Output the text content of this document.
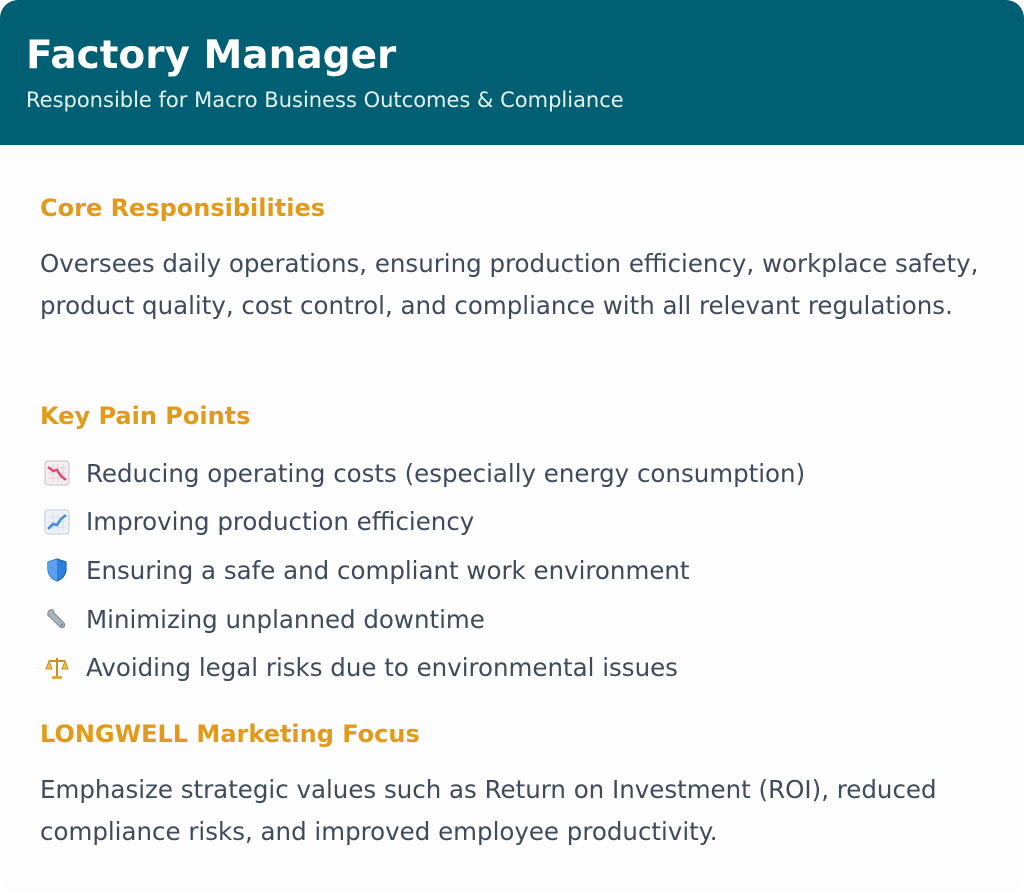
Factory Manager

Responsible for Macro Business Outcomes & Compliance

Core Responsibilities

Oversees daily operations, ensuring production efficiency, workplace safety, product quality, cost control, and compliance with all relevant regulations.

Key Pain Points
Reducing operating costs (especially energy consumption)
Improving production efficiency
Ensuring a safe and compliant work environment
Minimizing unplanned downtime
Avoiding legal risks due to environmental issues
LONGWELL Marketing Focus

Emphasize strategic values such as Return on Investment (ROI), reduced compliance risks, and improved employee productivity.
